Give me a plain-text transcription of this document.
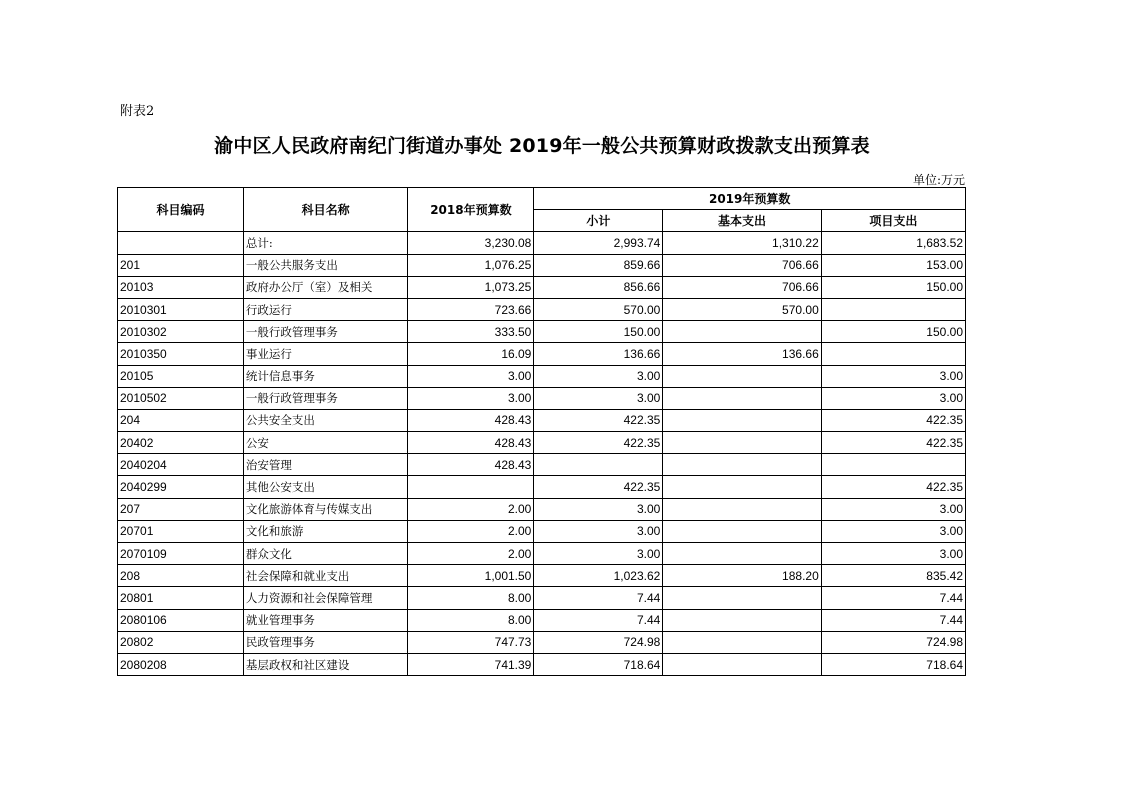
附表2
渝中区人民政府南纪门街道办事处 2019年一般公共预算财政拨款支出预算表
单位:万元
科目编码	科目名称	2018年预算数	2019年预算数		
			小计	基本支出	项目支出
	总计:	3,230.08	2,993.74	1,310.22	1,683.52
201	一般公共服务支出	1,076.25	859.66	706.66	153.00
20103	政府办公厅（室）及相关	1,073.25	856.66	706.66	150.00
2010301	行政运行	723.66	570.00	570.00	
2010302	一般行政管理事务	333.50	150.00		150.00
2010350	事业运行	16.09	136.66	136.66	
20105	统计信息事务	3.00	3.00		3.00
2010502	一般行政管理事务	3.00	3.00		3.00
204	公共安全支出	428.43	422.35		422.35
20402	公安	428.43	422.35		422.35
2040204	治安管理	428.43			
2040299	其他公安支出		422.35		422.35
207	文化旅游体育与传媒支出	2.00	3.00		3.00
20701	文化和旅游	2.00	3.00		3.00
2070109	群众文化	2.00	3.00		3.00
208	社会保障和就业支出	1,001.50	1,023.62	188.20	835.42
20801	人力资源和社会保障管理	8.00	7.44		7.44
2080106	就业管理事务	8.00	7.44		7.44
20802	民政管理事务	747.73	724.98		724.98
2080208	基层政权和社区建设	741.39	718.64		718.64
